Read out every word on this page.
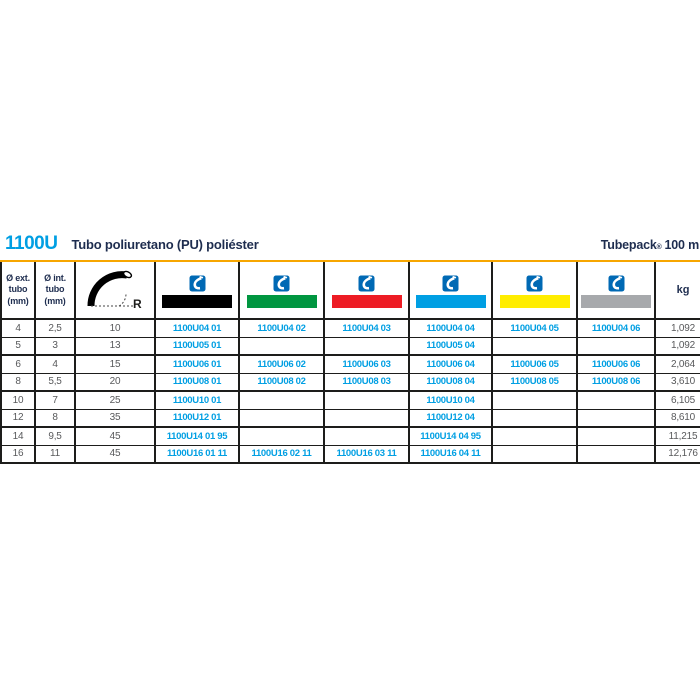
1100U Tubo poliuretano (PU) poliéster	Tubepack® 100 m
Ø ext.
tubo
(mm)	Ø int.
tubo
(mm)	R							kg
4	2,5	10	1100U04 01	1100U04 02	1100U04 03	1100U04 04	1100U04 05	1100U04 06	1,092
5	3	13	1100U05 01			1100U05 04			1,092
6	4	15	1100U06 01	1100U06 02	1100U06 03	1100U06 04	1100U06 05	1100U06 06	2,064
8	5,5	20	1100U08 01	1100U08 02	1100U08 03	1100U08 04	1100U08 05	1100U08 06	3,610
10	7	25	1100U10 01			1100U10 04			6,105
12	8	35	1100U12 01			1100U12 04			8,610
14	9,5	45	1100U14 01 95			1100U14 04 95			11,215
16	11	45	1100U16 01 11	1100U16 02 11	1100U16 03 11	1100U16 04 11			12,176
